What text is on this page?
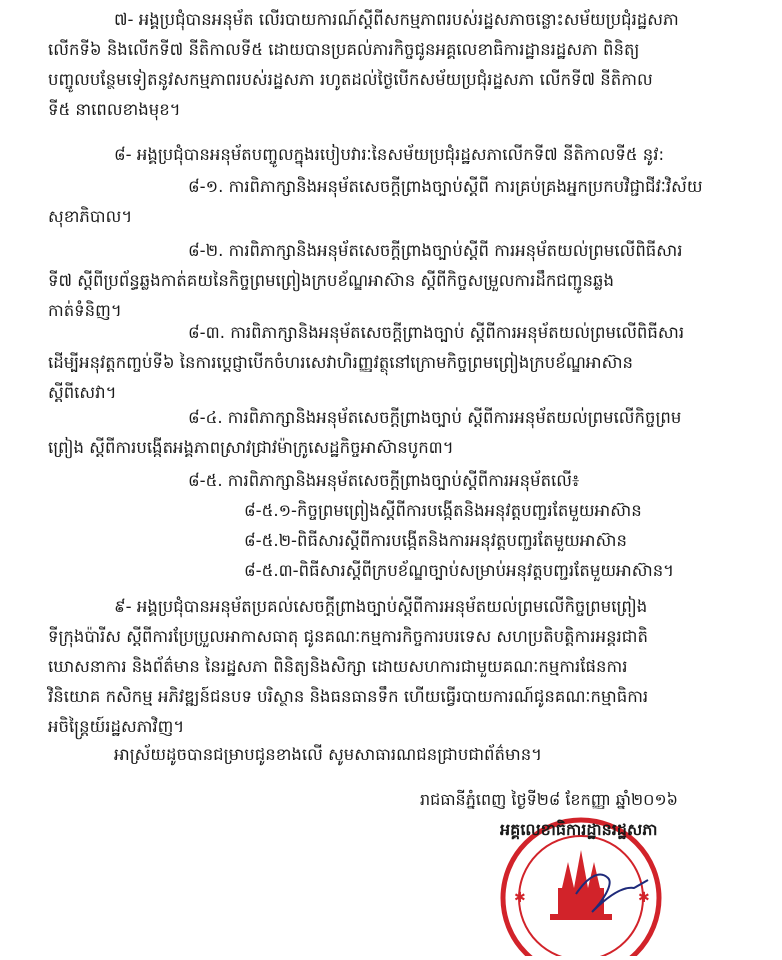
៧- អង្គប្រជុំបានអនុម័ត លើរបាយការណ៍ស្តីពីសកម្មភាពរបស់រដ្ឋសភាចន្លោះសម័យប្រជុំរដ្ឋសភា
លើកទី៦ និងលើកទី៧ នីតិកាលទី៥ ដោយបានប្រគល់ភារកិច្ចជូនអគ្គលេខាធិការដ្ឋានរដ្ឋសភា ពិនិត្យ
បញ្ចូលបន្ថែមទៀតនូវសកម្មភាពរបស់រដ្ឋសភា រហូតដល់ថ្ងៃបើកសម័យប្រជុំរដ្ឋសភា លើកទី៧ នីតិកាល
ទី៥ នាពេលខាងមុខ។
៨- អង្គប្រជុំបានអនុម័តបញ្ចូលក្នុងរបៀបវារៈនៃសម័យប្រជុំរដ្ឋសភាលើកទី៧ នីតិកាលទី៥ នូវ:
៨-១. ការពិភាក្សានិងអនុម័តសេចក្តីព្រាងច្បាប់ស្តីពី ការគ្រប់គ្រងអ្នកប្រកបវិជ្ជាជីវៈវិស័យ
សុខាភិបាល។
៨-២. ការពិភាក្សានិងអនុម័តសេចក្តីព្រាងច្បាប់ស្តីពី ការអនុម័តយល់ព្រមលើពិធីសារ
ទី៧ ស្តីពីប្រព័ន្ធឆ្លងកាត់គយនៃកិច្ចព្រមព្រៀងក្របខ័ណ្ឌអាស៊ាន ស្តីពីកិច្ចសម្រួលការដឹកជញ្ជូនឆ្លង
កាត់ទំនិញ។
៨-៣. ការពិភាក្សានិងអនុម័តសេចក្តីព្រាងច្បាប់ ស្តីពីការអនុម័តយល់ព្រមលើពិធីសារ
ដើម្បីអនុវត្តកញ្ចប់ទី៦ នៃការប្តេជ្ញាបើកចំហរសេវាហិរញ្ញវត្ថុនៅក្រោមកិច្ចព្រមព្រៀងក្របខ័ណ្ឌអាស៊ាន
ស្តីពីសេវា។
៨-៤. ការពិភាក្សានិងអនុម័តសេចក្តីព្រាងច្បាប់ ស្តីពីការអនុម័តយល់ព្រមលើកិច្ចព្រម
ព្រៀង ស្តីពីការបង្កើតអង្គភាពស្រាវជ្រាវម៉ាក្រូសេដ្ឋកិច្ចអាស៊ានបូក៣។
៨-៥. ការពិភាក្សានិងអនុម័តសេចក្តីព្រាងច្បាប់ស្តីពីការអនុម័តលើ៖
៨-៥.១-កិច្ចព្រមព្រៀងស្តីពីការបង្កើតនិងអនុវត្តបញ្ជរតែមួយអាស៊ាន
៨-៥.២-ពិធីសារស្តីពីការបង្កើតនិងការអនុវត្តបញ្ជរតែមួយអាស៊ាន
៨-៥.៣-ពិធីសារស្តីពីក្របខ័ណ្ឌច្បាប់សម្រាប់អនុវត្តបញ្ជរតែមួយអាស៊ាន។
៩- អង្គប្រជុំបានអនុម័តប្រគល់សេចក្តីព្រាងច្បាប់ស្តីពីការអនុម័តយល់ព្រមលើកិច្ចព្រមព្រៀង
ទីក្រុងប៉ារីស ស្តីពីការប្រែប្រួលអាកាសធាតុ ជូនគណៈកម្មការកិច្ចការបរទេស សហប្រតិបត្តិការអន្តរជាតិ
ឃោសនាការ និងព័ត៌មាន នៃរដ្ឋសភា ពិនិត្យនិងសិក្សា ដោយសហការជាមួយគណៈកម្មការផែនការ
វិនិយោគ កសិកម្ម អភិវឌ្ឍន៍ជនបទ បរិស្ថាន និងធនធានទឹក ហើយធ្វើរបាយការណ៍ជូនគណៈកម្មាធិការ
អចិន្ត្រៃយ៍រដ្ឋសភាវិញ។
អាស្រ័យដូចបានជម្រាបជូនខាងលើ សូមសាធារណជនជ្រាបជាព័ត៌មាន។
✱	✱
រាជធានីភ្នំពេញ ថ្ងៃទី២៨ ខែកញ្ញា ឆ្នាំ២០១៦
អគ្គលេខាធិការដ្ឋានរដ្ឋសភា
